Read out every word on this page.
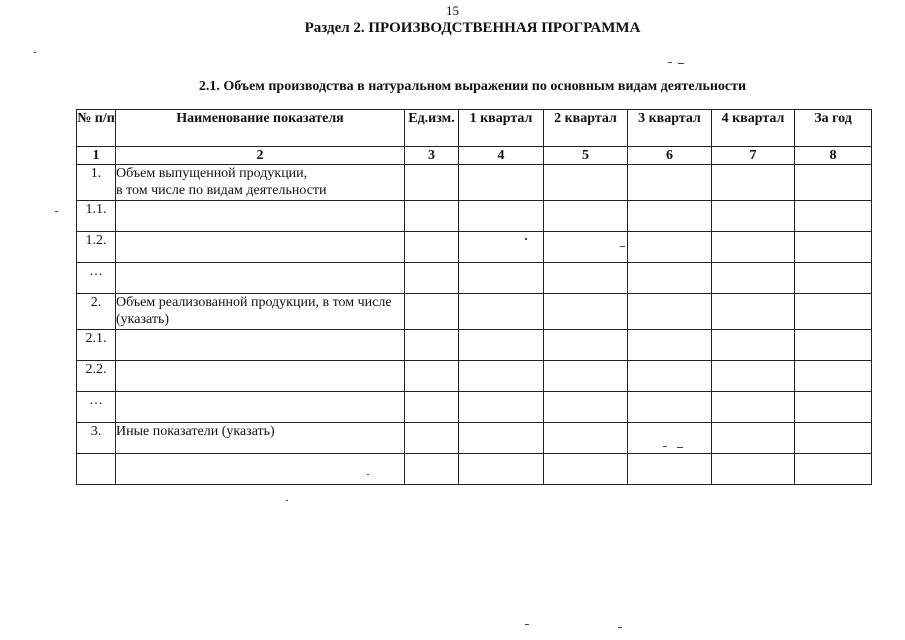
15
Раздел 2. ПРОИЗВОДСТВЕННАЯ ПРОГРАММА
2.1. Объем производства в натуральном выражении по основным видам деятельности
№ п/п	Наименование показателя	Ед.изм.	1 квартал	2 квартал	3 квартал	4 квартал	За год
1	2	3	4	5	6	7	8
1.	Объем выпущенной продукции,
в том числе по видам деятельности						
1.1.							
1.2.							
…							
2.	Объем реализованной продукции, в том числе (указать)						
2.1.							
2.2.							
…							
3.	Иные показатели (указать)						
